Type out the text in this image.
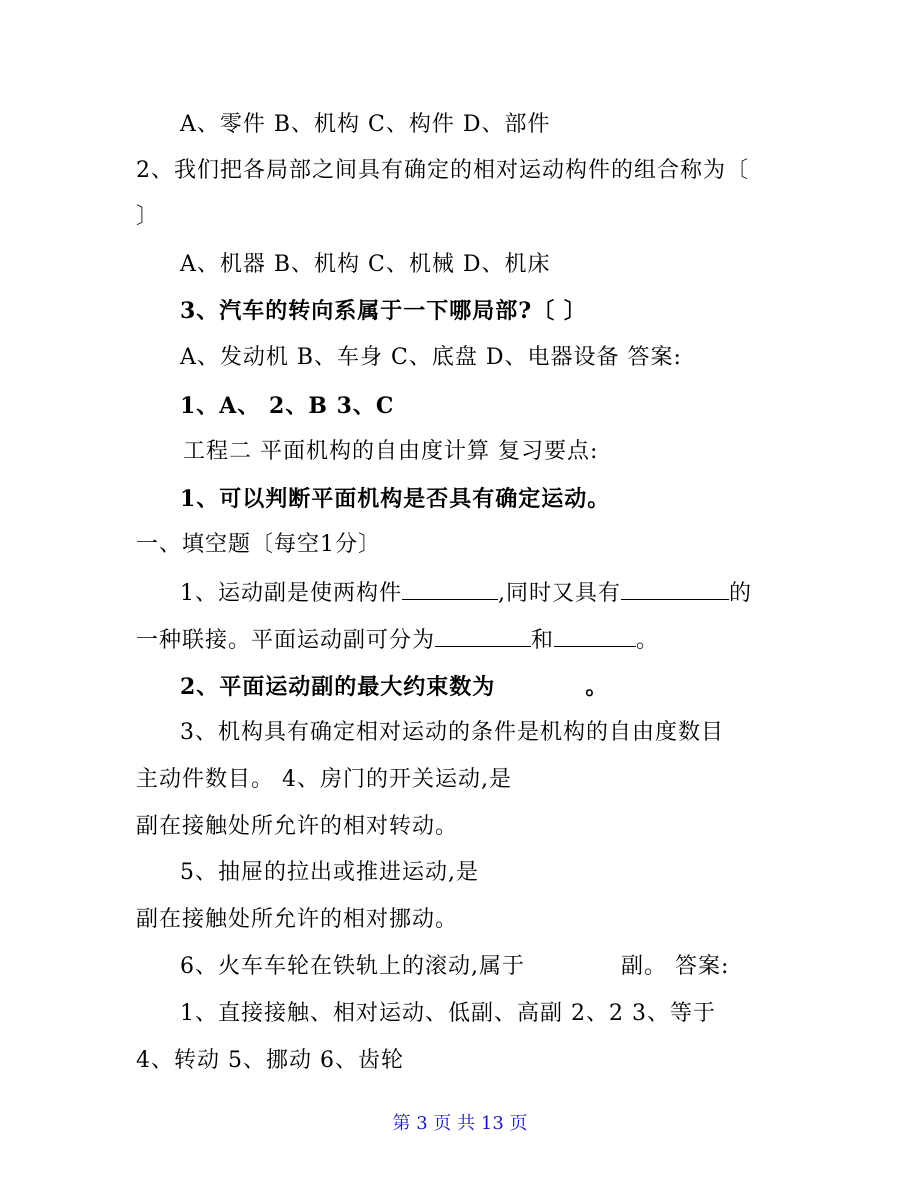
A、零件 B、机构 C、构件 D、部件
2、我们把各局部之间具有确定的相对运动构件的组合称为〔
〕
A、机器 B、机构 C、机械 D、机床
3、汽车的转向系属于一下哪局部?〔 〕
A、发动机 B、车身 C、底盘 D、电器设备 答案:
1、A、 2、B 3、C
工程二 平面机构的自由度计算 复习要点:
1、可以判断平面机构是否具有确定运动。
一、填空题〔每空1分〕
1、运动副是使两构件	,同时又具有	的
一种联接。平面运动副可分为	和	。
2、平面运动副的最大约束数为	。
3、机构具有确定相对运动的条件是机构的自由度数目
主动件数目。 4、房门的开关运动,是
副在接触处所允许的相对转动。
5、抽屉的拉出或推进运动,是
副在接触处所允许的相对挪动。
6、火车车轮在铁轨上的滚动,属于	副。 答案:
1、直接接触、相对运动、低副、高副 2、2 3、等于
4、转动 5、挪动 6、齿轮
第 3 页 共 13 页
